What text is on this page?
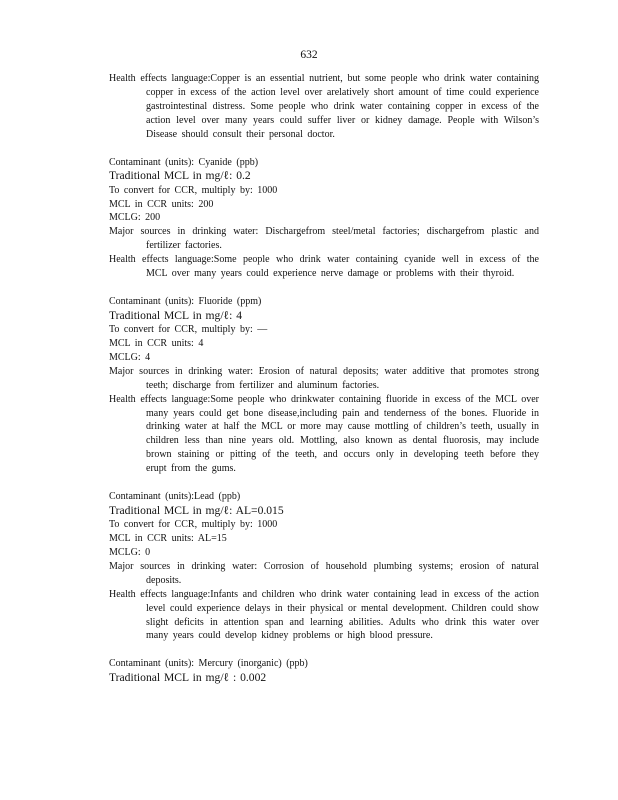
632

Health effects language:Copper is an essential nutrient, but some people who drink water containing copper in excess of the action level over arelatively short amount of time could experience gastrointestinal distress. Some people who drink water containing copper in excess of the action level over many years could suffer liver or kidney damage. People with Wilson’s Disease should consult their personal doctor.

Contaminant (units): Cyanide (ppb)

Traditional MCL in mg/ℓ: 0.2

To convert for CCR, multiply by: 1000

MCL in CCR units: 200

MCLG: 200

Major sources in drinking water: Dischargefrom steel/metal factories; dischargefrom plastic and fertilizer factories.

Health effects language:Some people who drink water containing cyanide well in excess of the MCL over many years could experience nerve damage or problems with their thyroid.

Contaminant (units): Fluoride (ppm)

Traditional MCL in mg/ℓ: 4

To convert for CCR, multiply by: —

MCL in CCR units: 4

MCLG: 4

Major sources in drinking water: Erosion of natural deposits; water additive that promotes strong teeth; discharge from fertilizer and aluminum factories.

Health effects language:Some people who drinkwater containing fluoride in excess of the MCL over many years could get bone disease,including pain and tenderness of the bones. Fluoride in drinking water at half the MCL or more may cause mottling of children’s teeth, usually in children less than nine years old. Mottling, also known as dental fluorosis, may include brown staining or pitting of the teeth, and occurs only in developing teeth before they erupt from the gums.

Contaminant (units):Lead (ppb)

Traditional MCL in mg/ℓ: AL=0.015

To convert for CCR, multiply by: 1000

MCL in CCR units: AL=15

MCLG: 0

Major sources in drinking water: Corrosion of household plumbing systems; erosion of natural deposits.

Health effects language:Infants and children who drink water containing lead in excess of the action level could experience delays in their physical or mental development. Children could show slight deficits in attention span and learning abilities. Adults who drink this water over many years could develop kidney problems or high blood pressure.

Contaminant (units): Mercury (inorganic) (ppb)

Traditional MCL in mg/ℓ : 0.002
